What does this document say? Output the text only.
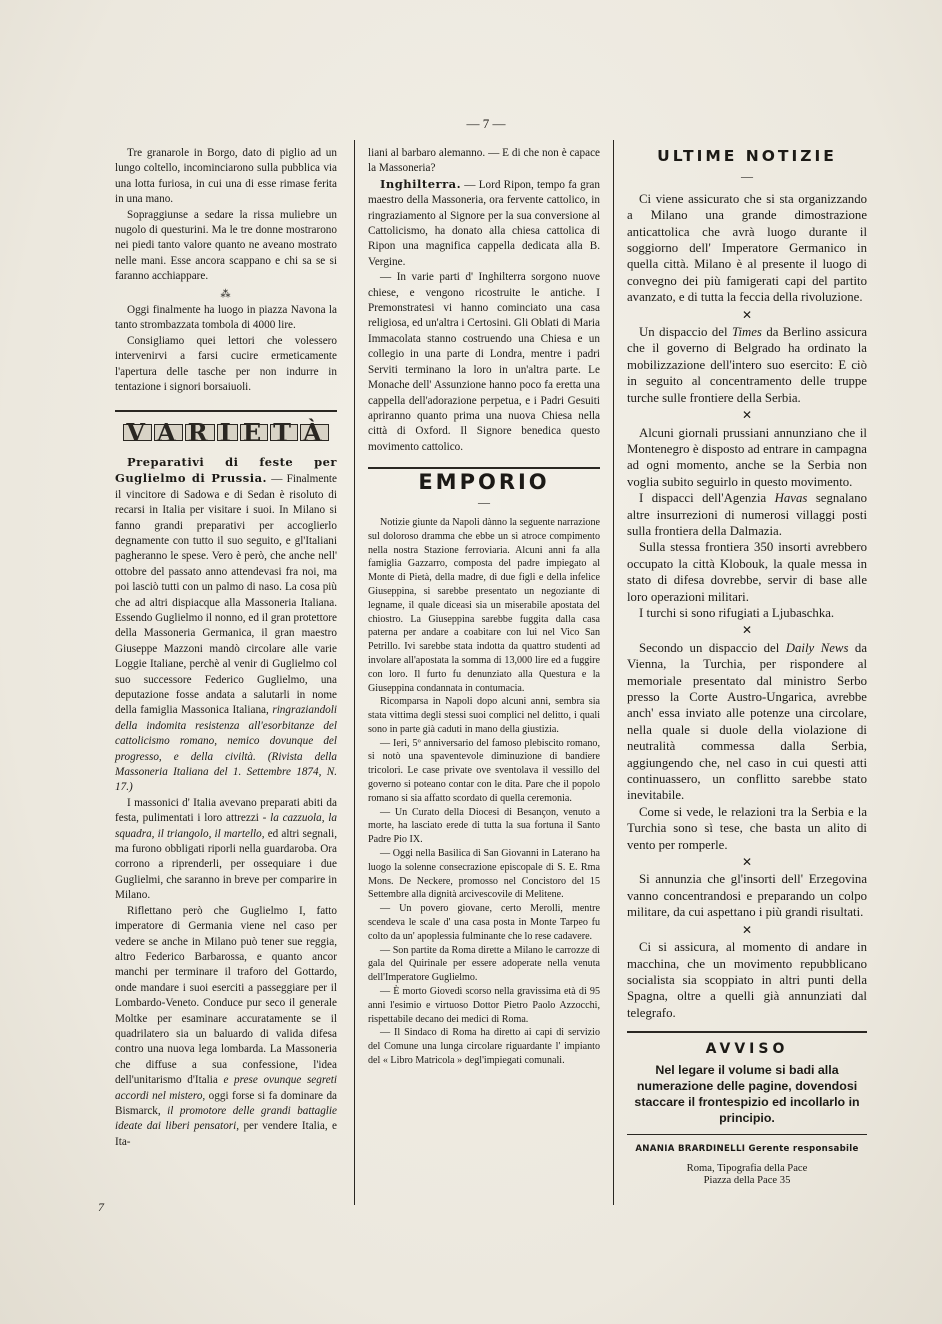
— 7 —

Tre granarole in Borgo, dato di piglio ad un lungo coltello, incominciarono sulla pubblica via una lotta furiosa, in cui una di esse rimase ferita in una mano.

Sopraggiunse a sedare la rissa muliebre un nugolo di questurini. Ma le tre donne mostrarono nei piedi tanto valore quanto ne aveano mostrato nelle mani. Esse ancora scappano e chi sa se si faranno acchiappare.

⁂

Oggi finalmente ha luogo in piazza Navona la tanto strombazzata tombola di 4000 lire.

Consigliamo quei lettori che volessero intervenirvi a farsi cucire ermeticamente l'apertura delle tasche per non indurre in tentazione i signori borsaiuoli.

V A R I E T À

Preparativi di feste per Guglielmo di Prussia. — Finalmente il vincitore di Sadowa e di Sedan è risoluto di recarsi in Italia per visitare i suoi. In Milano si fanno grandi preparativi per accoglierlo degnamente con tutto il suo seguito, e gl'Italiani pagheranno le spese. Vero è però, che anche nell' ottobre del passato anno attendevasi fra noi, ma poi lasciò tutti con un palmo di naso. La cosa più che ad altri dispiacque alla Massoneria Italiana. Essendo Guglielmo il nonno, ed il gran protettore della Massoneria Germanica, il gran maestro Giuseppe Mazzoni mandò circolare alle varie Loggie Italiane, perchè al venir di Guglielmo col suo successore Federico Guglielmo, una deputazione fosse andata a salutarli in nome della famiglia Massonica Italiana, ringraziandoli della indomita resistenza all'esorbitanze del cattolicismo romano, nemico dovunque del progresso, e della civiltà. (Rivista della Massoneria Italiana del 1. Settembre 1874, N. 17.)

I massonici d' Italia avevano preparati abiti da festa, pulimentati i loro attrezzi - la cazzuola, la squadra, il triangolo, il martello, ed altri segnali, ma furono obbligati riporli nella guardaroba. Ora corrono a riprenderli, per ossequiare i due Guglielmi, che saranno in breve per comparire in Milano.

Riflettano però che Guglielmo I, fatto imperatore di Germania viene nel caso per vedere se anche in Milano può tener sue reggia, altro Federico Barbarossa, e quanto ancor manchi per terminare il traforo del Gottardo, onde mandare i suoi eserciti a passeggiare per il Lombardo-Veneto. Conduce pur seco il generale Moltke per esaminare accuratamente se il quadrilatero sia un baluardo di valida difesa contro una nuova lega lombarda. La Massoneria che diffuse a sua confessione, l'idea dell'unitarismo d'Italia e prese ovunque segreti accordi nel mistero, oggi forse si fa dominare da Bismarck, il promotore delle grandi battaglie ideate dai liberi pensatori, per vendere Italia, e Ita-

liani al barbaro alemanno. — E di che non è capace la Massoneria?

Inghilterra. — Lord Ripon, tempo fa gran maestro della Massoneria, ora fervente cattolico, in ringraziamento al Signore per la sua conversione al Cattolicismo, ha donato alla chiesa cattolica di Ripon una magnifica cappella dedicata alla B. Vergine.

— In varie parti d' Inghilterra sorgono nuove chiese, e vengono ricostruite le antiche. I Premonstratesi vi hanno cominciato una casa religiosa, ed un'altra i Certosini. Gli Oblati di Maria Immacolata stanno costruendo una Chiesa e un collegio in una parte di Londra, mentre i padri Serviti terminano la loro in un'altra parte. Le Monache dell' Assunzione hanno poco fa eretta una cappella dell'adorazione perpetua, e i Padri Gesuiti apriranno quanto prima una nuova Chiesa nella città di Oxford. Il Signore benedica questo movimento cattolico.

EMPORIO
—

Notizie giunte da Napoli dànno la seguente narrazione sul doloroso dramma che ebbe un sì atroce compimento nella nostra Stazione ferroviaria. Alcuni anni fa alla famiglia Gazzarro, composta del padre impiegato al Monte di Pietà, della madre, di due figli e della infelice Giuseppina, si sarebbe presentato un negoziante di legname, il quale diceasi sia un miserabile apostata del chiostro. La Giuseppina sarebbe fuggita dalla casa paterna per andare a coabitare con lui nel Vico San Petrillo. Ivi sarebbe stata indotta da quattro studenti ad involare all'apostata la somma di 13,000 lire ed a fuggire con loro. Il furto fu denunziato alla Questura e la Giuseppina condannata in contumacia.

Ricomparsa in Napoli dopo alcuni anni, sembra sia stata vittima degli stessi suoi complici nel delitto, i quali sono in parte già caduti in mano della giustizia.

— Ieri, 5º anniversario del famoso plebiscito romano, si notò una spaventevole diminuzione di bandiere tricolori. Le case private ove sventolava il vessillo del governo si poteano contar con le dita. Pare che il popolo romano si sia affatto scordato di quella ceremonia.

— Un Curato della Diocesi di Besançon, venuto a morte, ha lasciato erede di tutta la sua fortuna il Santo Padre Pio IX.

— Oggi nella Basilica di San Giovanni in Laterano ha luogo la solenne consecrazione episcopale di S. E. Rma Mons. De Neckere, promosso nel Concistoro del 15 Settembre alla dignità arcivescovile di Melitene.

— Un povero giovane, certo Merolli, mentre scendeva le scale d' una casa posta in Monte Tarpeo fu colto da un' apoplessia fulminante che lo rese cadavere.

— Son partite da Roma dirette a Milano le carrozze di gala del Quirinale per essere adoperate nella venuta dell'Imperatore Guglielmo.

— È morto Giovedì scorso nella gravissima età di 95 anni l'esimio e virtuoso Dottor Pietro Paolo Azzocchi, rispettabile decano dei medici di Roma.

— Il Sindaco di Roma ha diretto ai capi di servizio del Comune una lunga circolare riguardante l' impianto del « Libro Matricola » degl'impiegati comunali.

ULTIME NOTIZIE
—

Ci viene assicurato che si sta organizzando a Milano una grande dimostrazione anticattolica che avrà luogo durante il soggiorno dell' Imperatore Germanico in quella città. Milano è al presente il luogo di convegno dei più famigerati capi del partito avanzato, e di tutta la feccia della rivoluzione.

✕

Un dispaccio del Times da Berlino assicura che il governo di Belgrado ha ordinato la mobilizzazione dell'intero suo esercito: E ciò in seguito al concentramento delle truppe turche sulle frontiere della Serbia.

✕

Alcuni giornali prussiani annunziano che il Montenegro è disposto ad entrare in campagna ad ogni momento, anche se la Serbia non voglia subito seguirlo in questo movimento.

I dispacci dell'Agenzia Havas segnalano altre insurrezioni di numerosi villaggi posti sulla frontiera della Dalmazia.

Sulla stessa frontiera 350 insorti avrebbero occupato la città Klobouk, la quale messa in stato di difesa dovrebbe, servir di base alle loro operazioni militari.

I turchi si sono rifugiati a Ljubaschka.

✕

Secondo un dispaccio del Daily News da Vienna, la Turchia, per rispondere al memoriale presentato dal ministro Serbo presso la Corte Austro-Ungarica, avrebbe anch' essa inviato alle potenze una circolare, nella quale si duole della violazione di neutralità commessa dalla Serbia, aggiungendo che, nel caso in cui questi atti continuassero, un conflitto sarebbe stato inevitabile.

Come si vede, le relazioni tra la Serbia e la Turchia sono sì tese, che basta un alito di vento per romperle.

✕

Si annunzia che gl'insorti dell' Erzegovina vanno concentrandosi e preparando un colpo militare, da cui aspettano i più grandi risultati.

✕

Ci si assicura, al momento di andare in macchina, che un movimento repubblicano socialista sia scoppiato in altri punti della Spagna, oltre a quelli già annunziati dal telegrafo.

AVVISO
Nel legare il volume si badi alla numerazione delle pagine, dovendosi staccare il frontespizio ed incollarlo in principio.
ANANIA BRARDINELLI Gerente responsabile
Roma, Tipografia della Pace
Piazza della Pace 35
7
